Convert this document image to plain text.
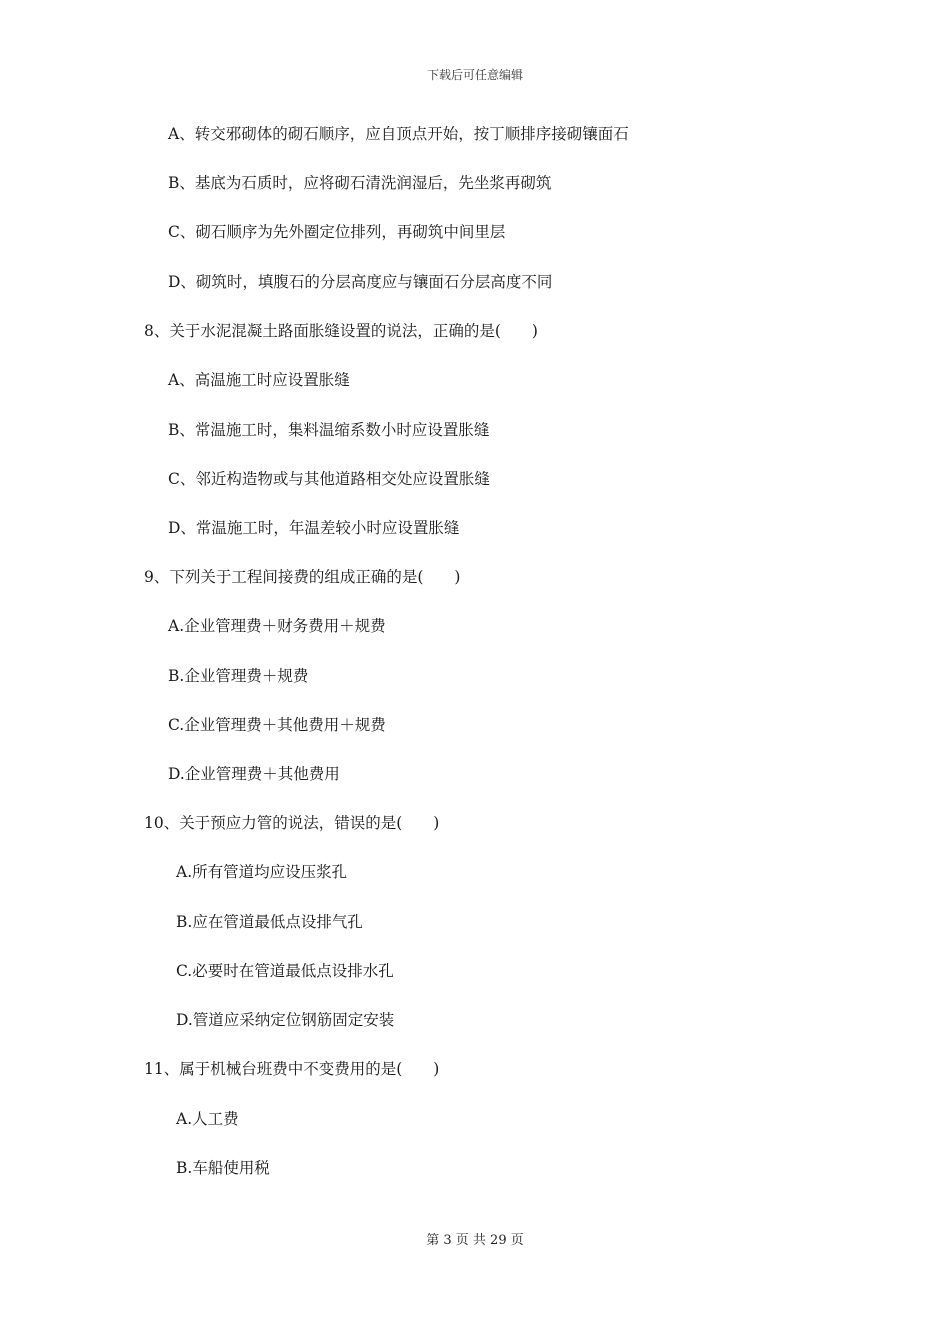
下载后可任意编辑
A、转交邪砌体的砌石顺序，应自顶点开始，按丁顺排序接砌镶面石
B、基底为石质时，应将砌石清洗润湿后，先坐浆再砌筑
C、砌石顺序为先外圈定位排列，再砌筑中间里层
D、砌筑时，填腹石的分层高度应与镶面石分层高度不同
8、关于水泥混凝土路面胀缝设置的说法，正确的是(　　)
A、高温施工时应设置胀缝
B、常温施工时，集料温缩系数小时应设置胀缝
C、邻近构造物或与其他道路相交处应设置胀缝
D、常温施工时，年温差较小时应设置胀缝
9、下列关于工程间接费的组成正确的是(　　)
A.企业管理费＋财务费用＋规费
B.企业管理费＋规费
C.企业管理费＋其他费用＋规费
D.企业管理费＋其他费用
10、关于预应力管的说法，错误的是(　　)
A.所有管道均应设压浆孔
B.应在管道最低点设排气孔
C.必要时在管道最低点设排水孔
D.管道应采纳定位钢筋固定安装
11、属于机械台班费中不变费用的是(　　)
A.人工费
B.车船使用税
第 3 页 共 29 页
